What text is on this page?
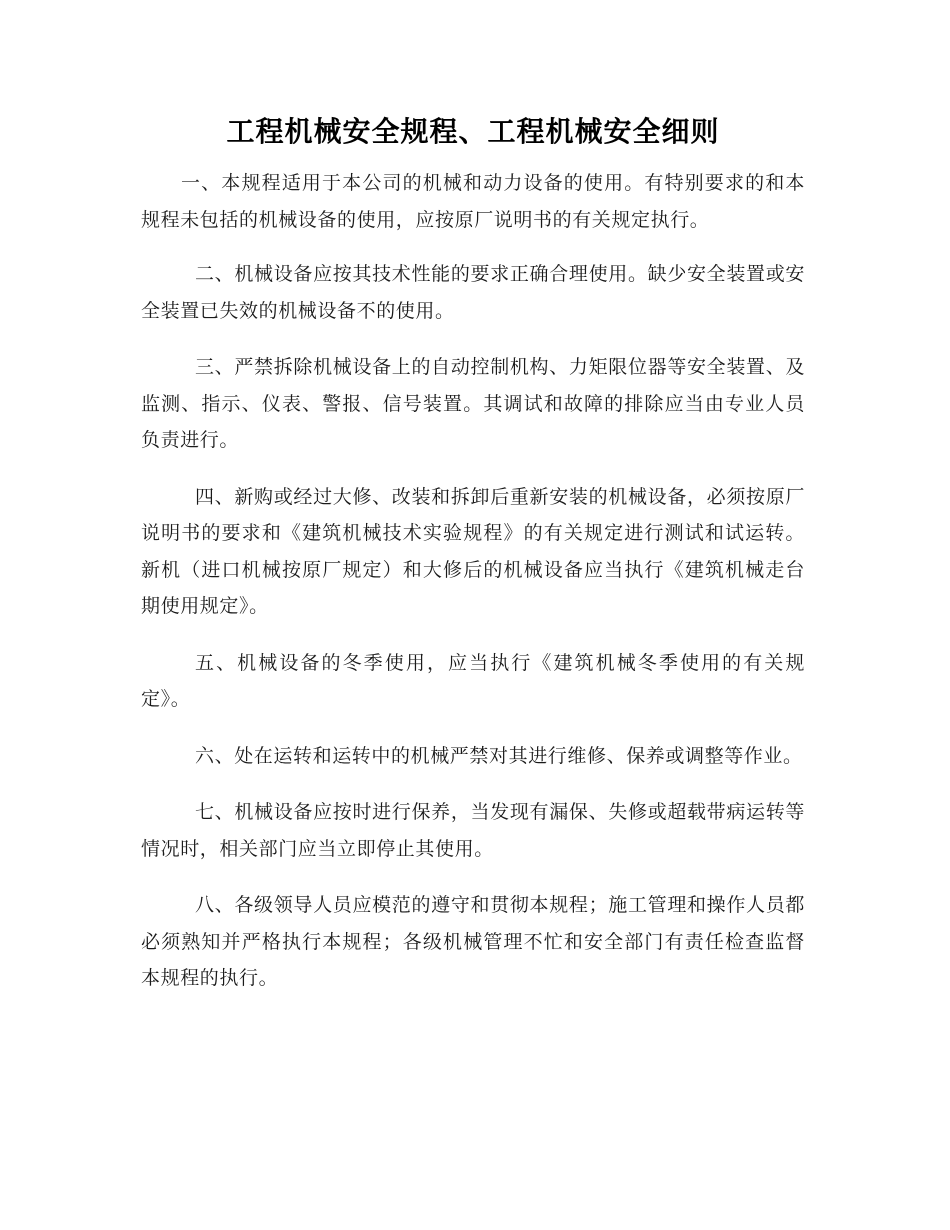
工程机械安全规程、工程机械安全细则

一、本规程适用于本公司的机械和动力设备的使用。有特别要求的和本规程未包括的机械设备的使用，应按原厂说明书的有关规定执行。

二、机械设备应按其技术性能的要求正确合理使用。缺少安全装置或安全装置已失效的机械设备不的使用。

三、严禁拆除机械设备上的自动控制机构、力矩限位器等安全装置、及监测、指示、仪表、警报、信号装置。其调试和故障的排除应当由专业人员负责进行。

四、新购或经过大修、改装和拆卸后重新安装的机械设备，必须按原厂说明书的要求和《建筑机械技术实验规程》的有关规定进行测试和试运转。新机（进口机械按原厂规定）和大修后的机械设备应当执行《建筑机械走台期使用规定》。

五、机械设备的冬季使用，应当执行《建筑机械冬季使用的有关规定》。

六、处在运转和运转中的机械严禁对其进行维修、保养或调整等作业。

七、机械设备应按时进行保养，当发现有漏保、失修或超载带病运转等情况时，相关部门应当立即停止其使用。

八、各级领导人员应模范的遵守和贯彻本规程；施工管理和操作人员都必须熟知并严格执行本规程；各级机械管理不忙和安全部门有责任检查监督本规程的执行。
